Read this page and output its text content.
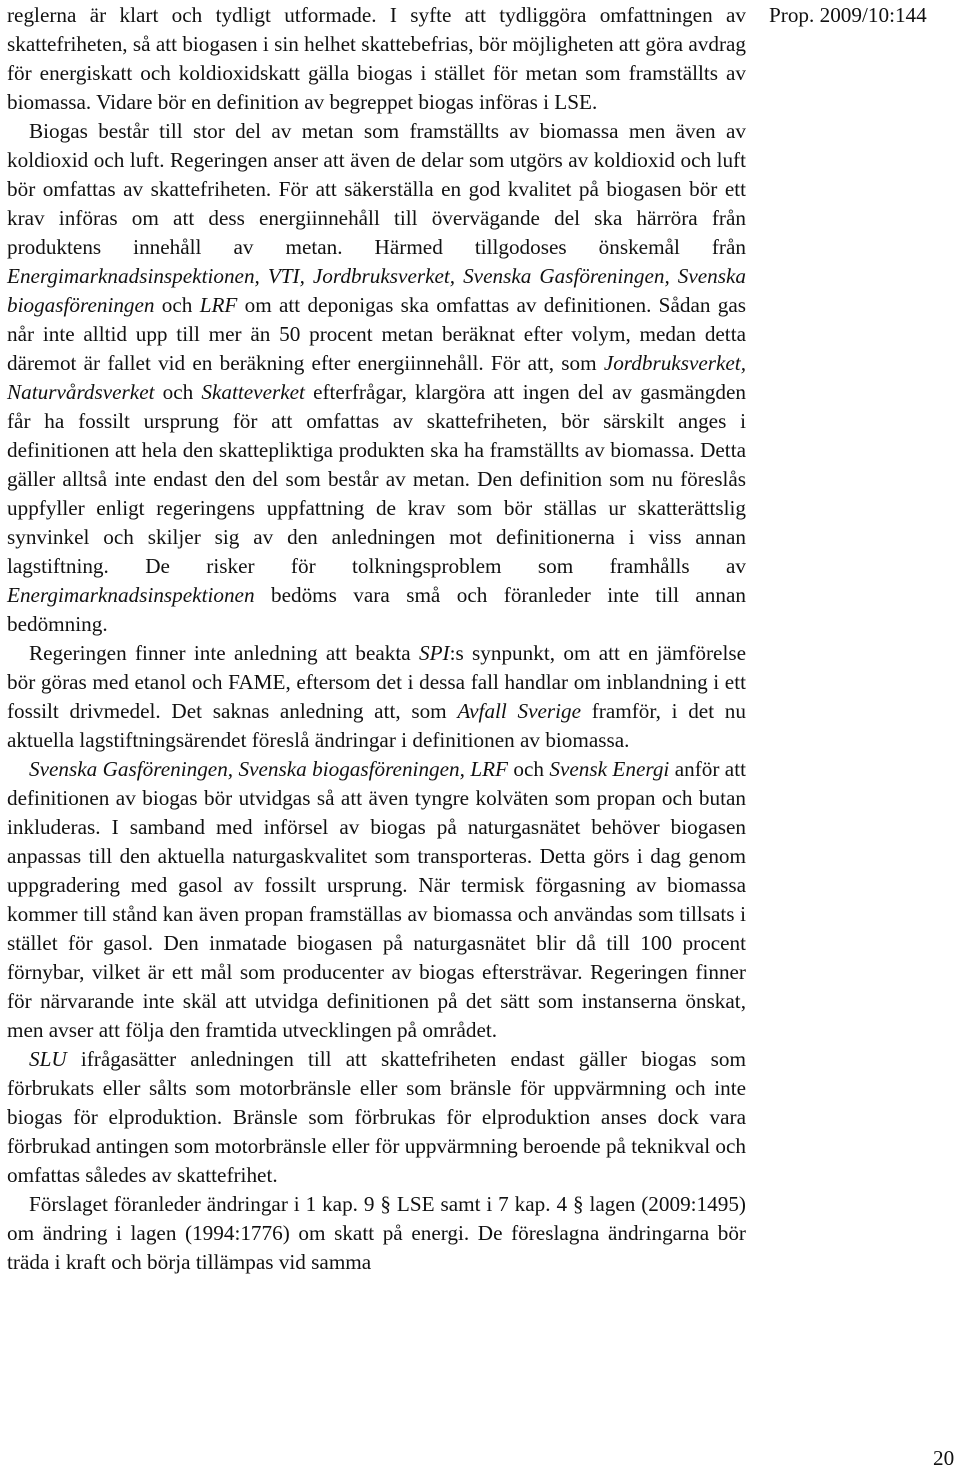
reglerna är klart och tydligt utformade. I syfte att tydliggöra omfattningen av skattefriheten, så att biogasen i sin helhet skattebefrias, bör möjligheten att göra avdrag för energiskatt och koldioxidskatt gälla biogas i stället för metan som framställts av biomassa. Vidare bör en definition av begreppet biogas införas i LSE.

Biogas består till stor del av metan som framställts av biomassa men även av koldioxid och luft. Regeringen anser att även de delar som utgörs av koldioxid och luft bör omfattas av skattefriheten. För att säkerställa en god kvalitet på biogasen bör ett krav införas om att dess energiinnehåll till övervägande del ska härröra från produktens innehåll av metan. Härmed tillgodoses önskemål från Energimarknadsinspektionen, VTI, Jordbruksverket, Svenska Gasföreningen, Svenska biogasföreningen och LRF om att deponigas ska omfattas av definitionen. Sådan gas når inte alltid upp till mer än 50 procent metan beräknat efter volym, medan detta däremot är fallet vid en beräkning efter energiinnehåll. För att, som Jordbruksverket, Naturvårdsverket och Skatteverket efterfrågar, klargöra att ingen del av gasmängden får ha fossilt ursprung för att omfattas av skattefriheten, bör särskilt anges i definitionen att hela den skattepliktiga produkten ska ha framställts av biomassa. Detta gäller alltså inte endast den del som består av metan. Den definition som nu föreslås uppfyller enligt regeringens uppfattning de krav som bör ställas ur skatterättslig synvinkel och skiljer sig av den anledningen mot definitionerna i viss annan lagstiftning. De risker för tolkningsproblem som framhålls av Energimarknadsinspektionen bedöms vara små och föranleder inte till annan bedömning.

Regeringen finner inte anledning att beakta SPI:s synpunkt, om att en jämförelse bör göras med etanol och FAME, eftersom det i dessa fall handlar om inblandning i ett fossilt drivmedel. Det saknas anledning att, som Avfall Sverige framför, i det nu aktuella lagstiftningsärendet föreslå ändringar i definitionen av biomassa.

Svenska Gasföreningen, Svenska biogasföreningen, LRF och Svensk Energi anför att definitionen av biogas bör utvidgas så att även tyngre kolväten som propan och butan inkluderas. I samband med införsel av biogas på naturgasnätet behöver biogasen anpassas till den aktuella naturgaskvalitet som transporteras. Detta görs i dag genom uppgradering med gasol av fossilt ursprung. När termisk förgasning av biomassa kommer till stånd kan även propan framställas av biomassa och användas som tillsats i stället för gasol. Den inmatade biogasen på naturgasnätet blir då till 100 procent förnybar, vilket är ett mål som producenter av biogas eftersträvar. Regeringen finner för närvarande inte skäl att utvidga definitionen på det sätt som instanserna önskat, men avser att följa den framtida utvecklingen på området.

SLU ifrågasätter anledningen till att skattefriheten endast gäller biogas som förbrukats eller sålts som motorbränsle eller som bränsle för uppvärmning och inte biogas för elproduktion. Bränsle som förbrukas för elproduktion anses dock vara förbrukad antingen som motorbränsle eller för uppvärmning beroende på teknikval och omfattas således av skattefrihet.

Förslaget föranleder ändringar i 1 kap. 9 § LSE samt i 7 kap. 4 § lagen (2009:1495) om ändring i lagen (1994:1776) om skatt på energi. De föreslagna ändringarna bör träda i kraft och börja tillämpas vid samma

Prop. 2009/10:144
20
